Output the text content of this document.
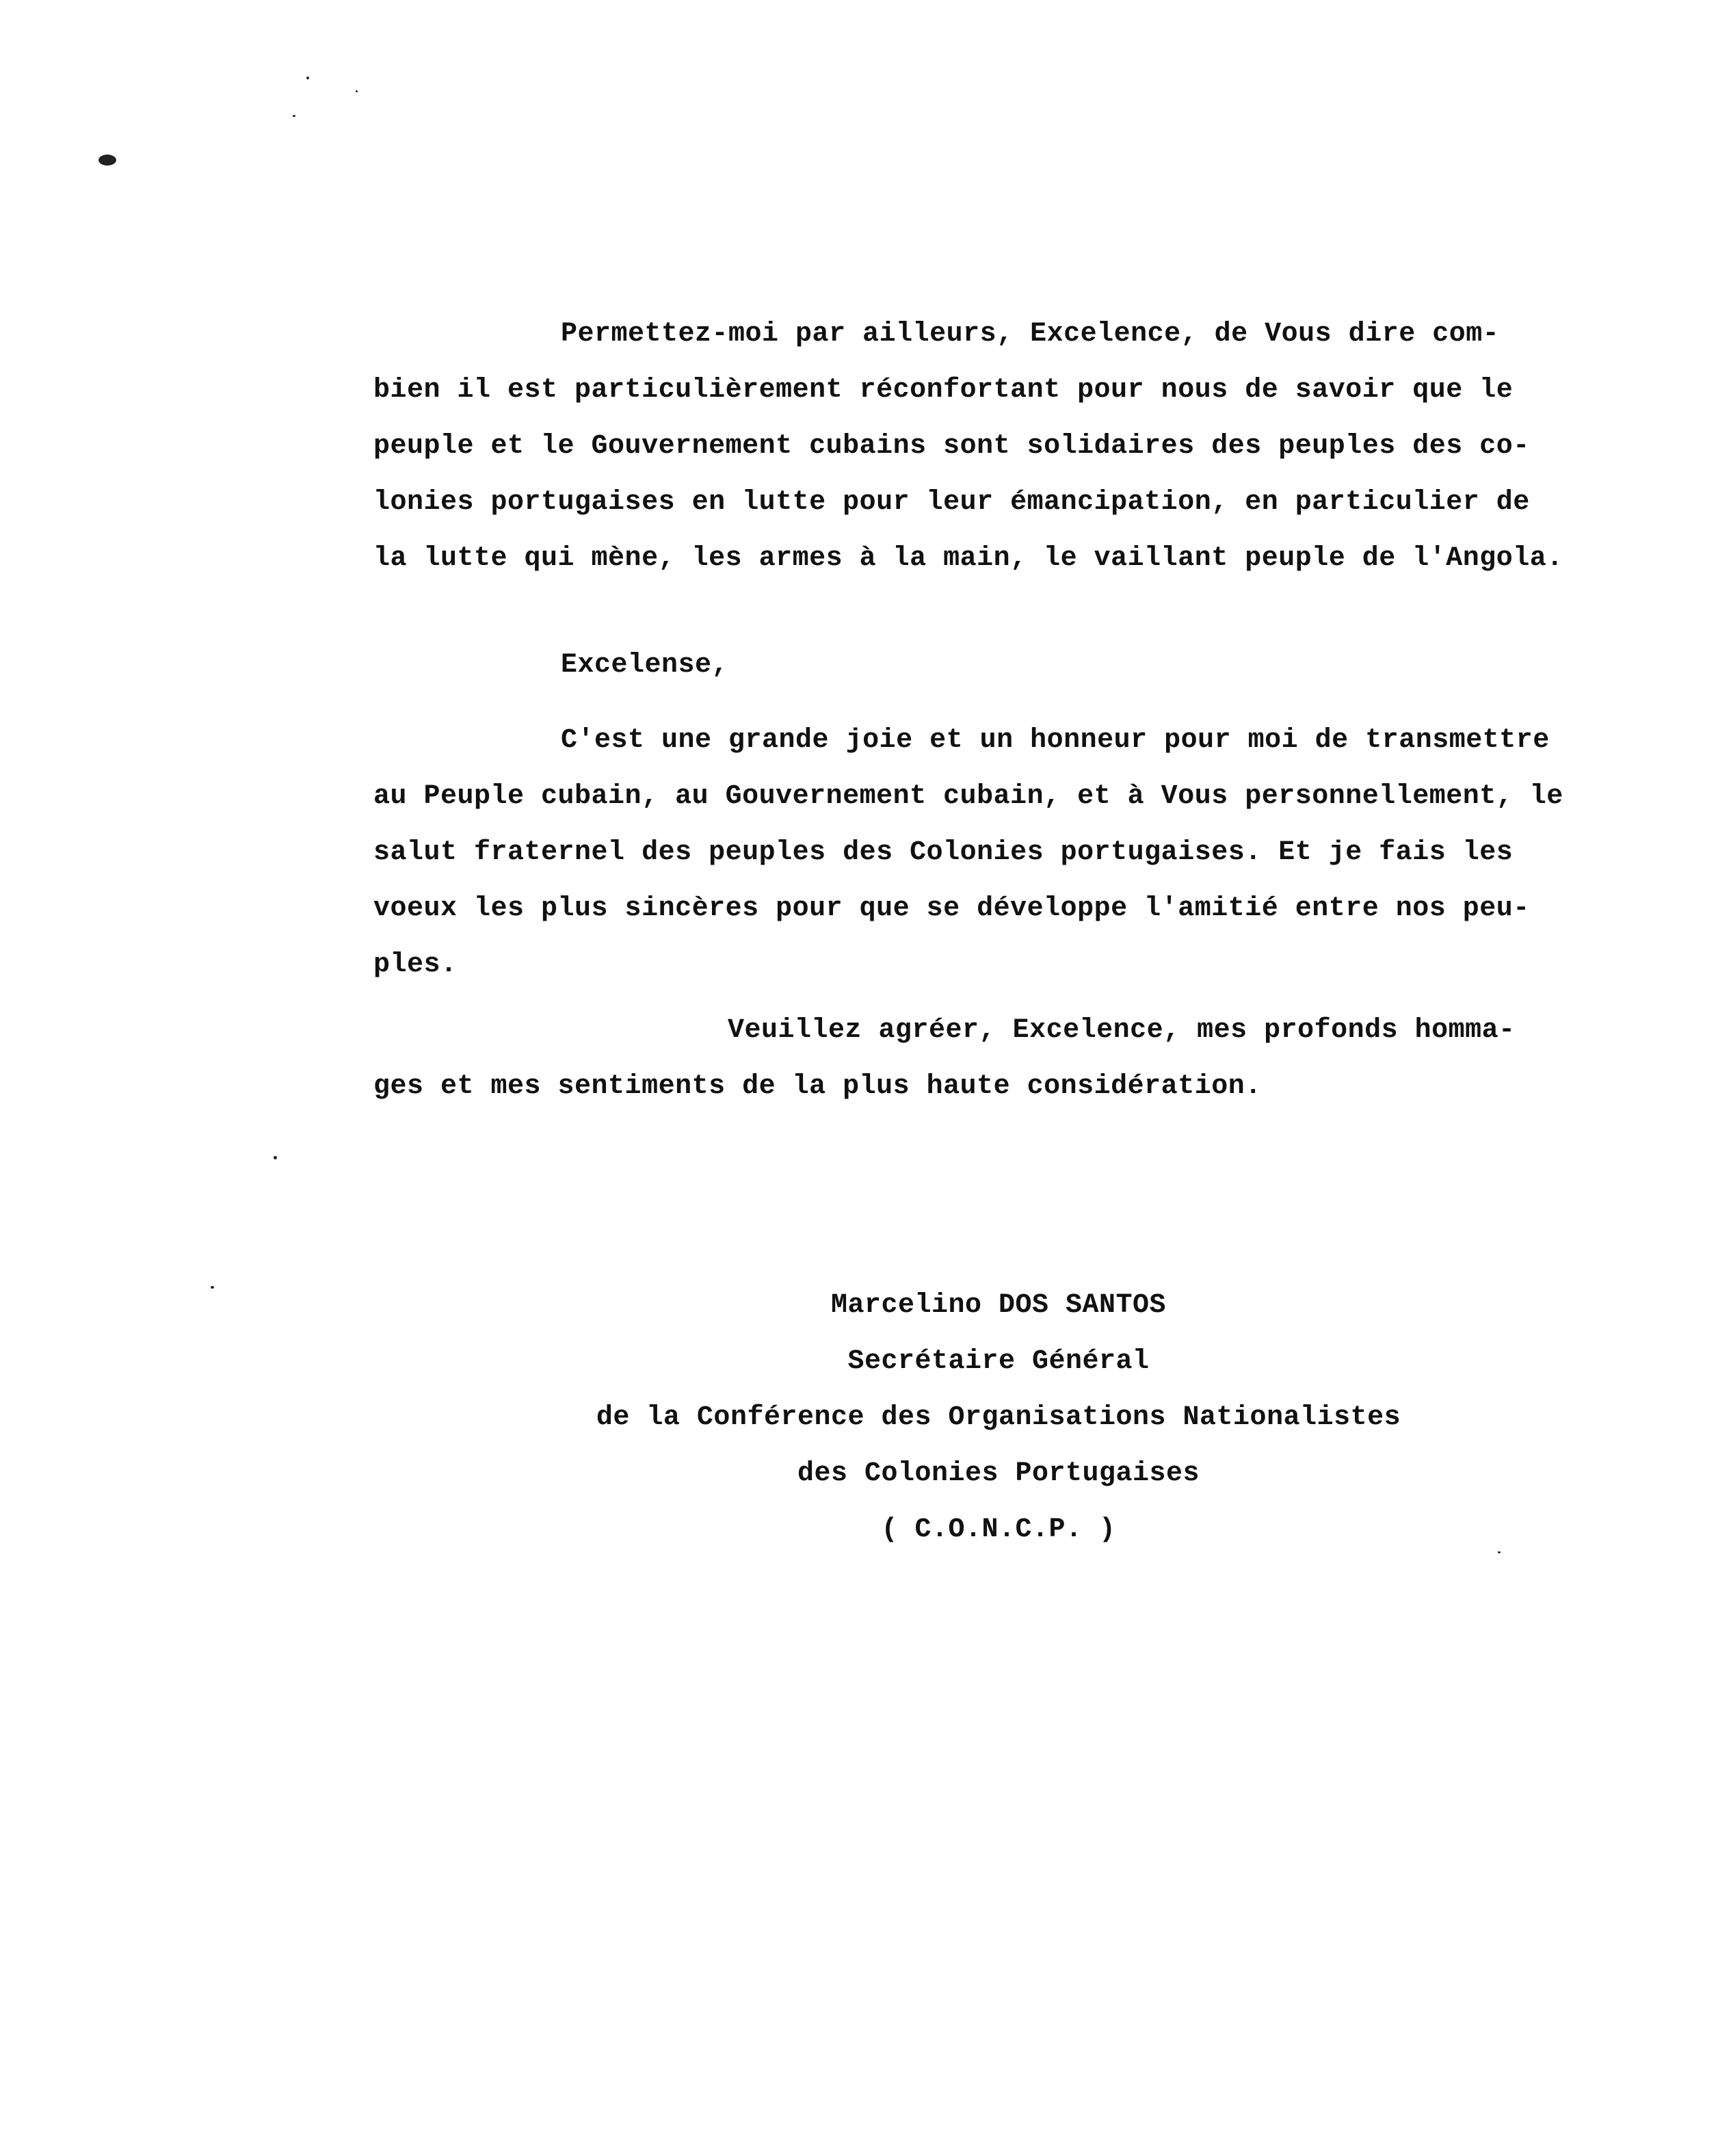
Permettez-moi par ailleurs, Excelence, de Vous dire com-
bien il est particulièrement réconfortant pour nous de savoir que le
peuple et le Gouvernement cubains sont solidaires des peuples des co-
lonies portugaises en lutte pour leur émancipation, en particulier de
la lutte qui mène, les armes à la main, le vaillant peuple de l'Angola.
Excelense,
C'est une grande joie et un honneur pour moi de transmettre
au Peuple cubain, au Gouvernement cubain, et à Vous personnellement, le
salut fraternel des peuples des Colonies portugaises. Et je fais les
voeux les plus sincères pour que se développe l'amitié entre nos peu-
ples.
Veuillez agréer, Excelence, mes profonds homma-
ges et mes sentiments de la plus haute considération.
Marcelino DOS SANTOS
Secrétaire Général
de la Conférence des Organisations Nationalistes
des Colonies Portugaises
( C.O.N.C.P. )
